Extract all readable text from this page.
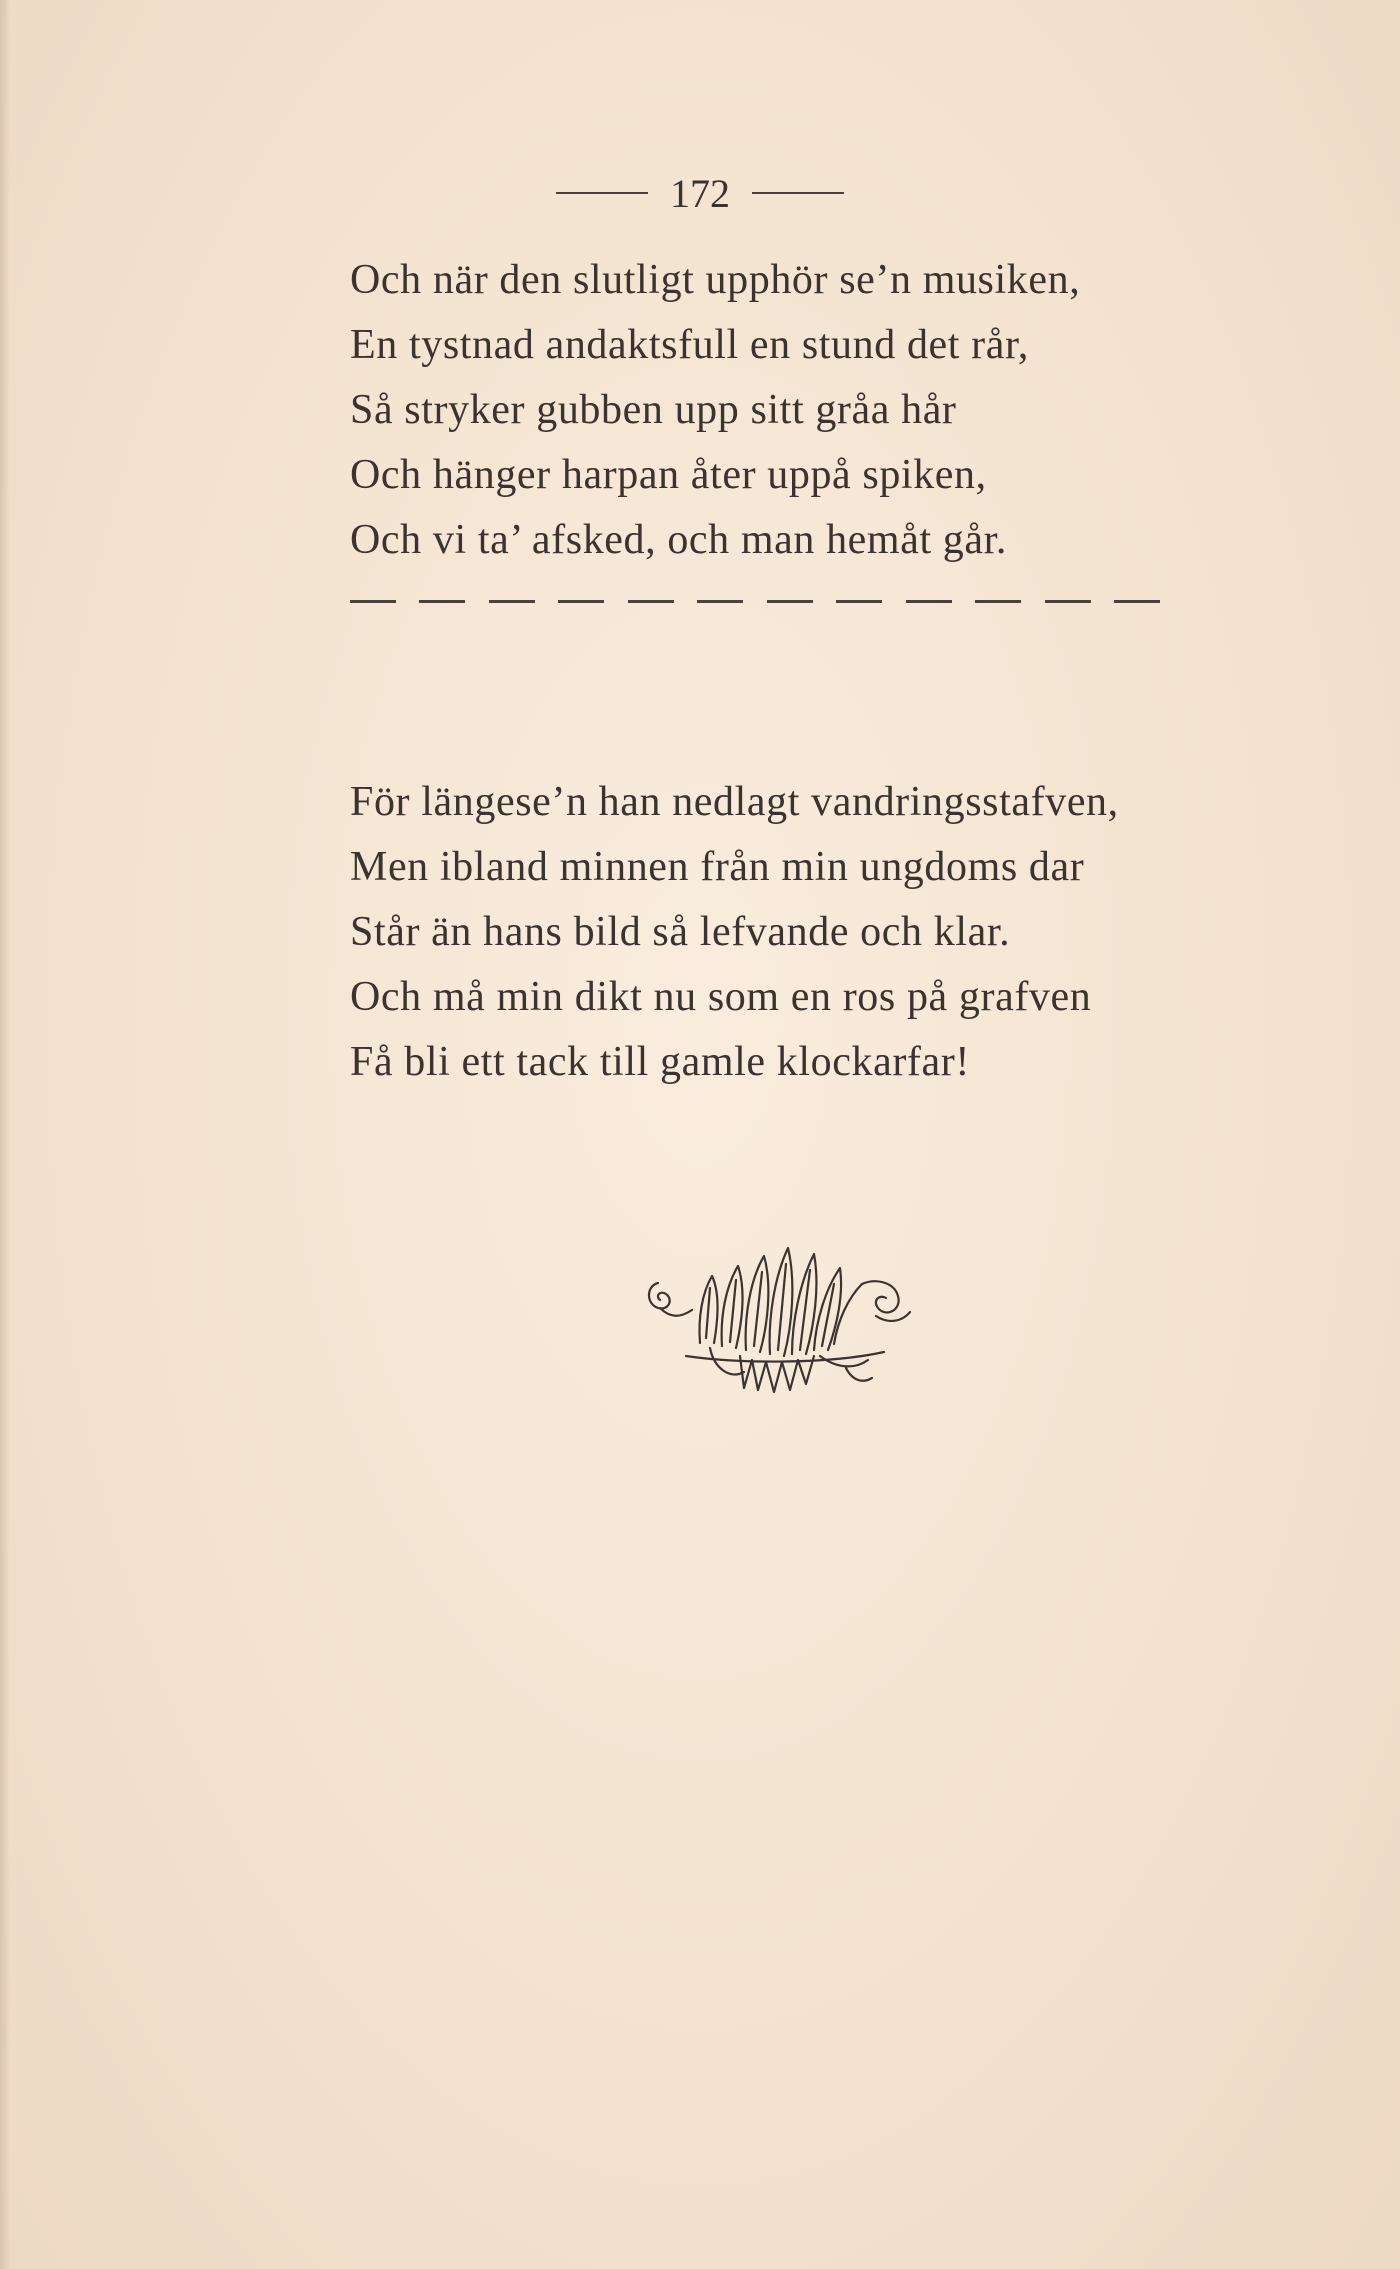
172
Och när den slutligt upphör se’n musiken,
En tystnad andaktsfull en stund det rår,
Så stryker gubben upp sitt gråa hår
Och hänger harpan åter uppå spiken,
Och vi ta’ afsked, och man hemåt går.
För längese’n han nedlagt vandringsstafven,
Men ibland minnen från min ungdoms dar
Står än hans bild så lefvande och klar.
Och må min dikt nu som en ros på grafven
Få bli ett tack till gamle klockarfar!
